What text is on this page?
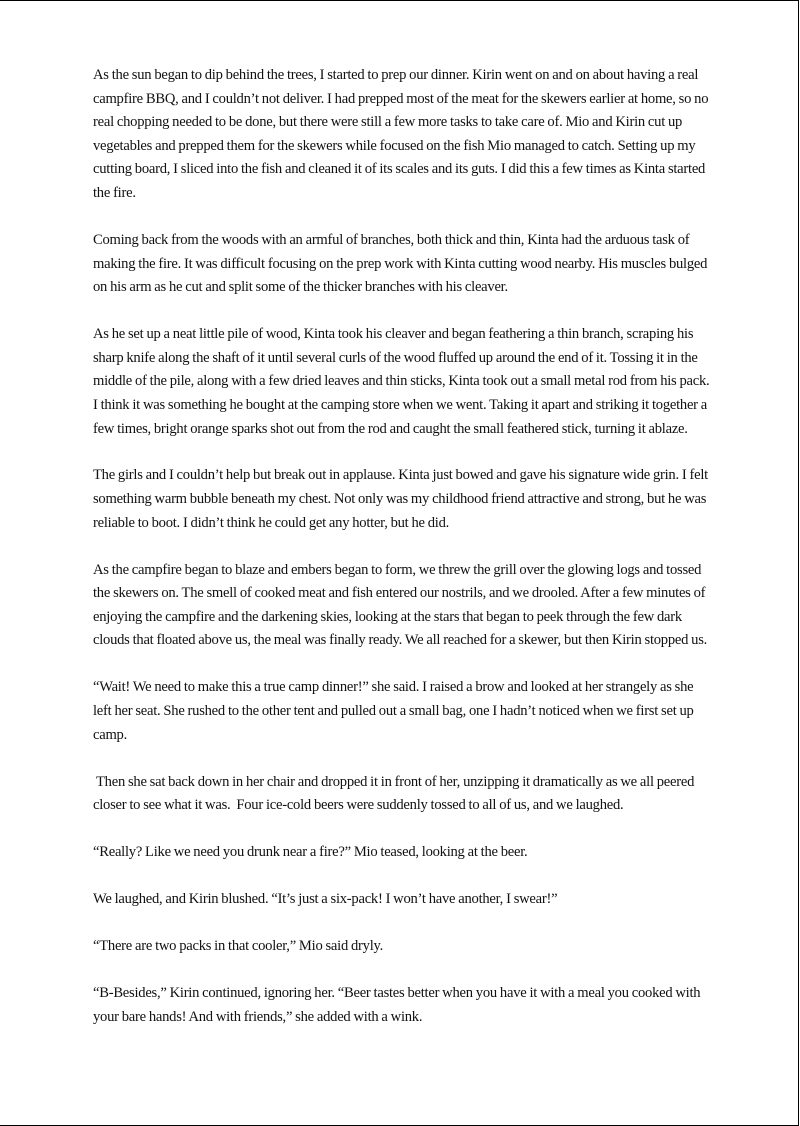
As the sun began to dip behind the trees, I started to prep our dinner. Kirin went on and on about having a real campfire BBQ, and I couldn’t not deliver. I had prepped most of the meat for the skewers earlier at home, so no real chopping needed to be done, but there were still a few more tasks to take care of. Mio and Kirin cut up vegetables and prepped them for the skewers while focused on the fish Mio managed to catch. Setting up my cutting board, I sliced into the fish and cleaned it of its scales and its guts. I did this a few times as Kinta started the fire.

Coming back from the woods with an armful of branches, both thick and thin, Kinta had the arduous task of making the fire. It was difficult focusing on the prep work with Kinta cutting wood nearby. His muscles bulged on his arm as he cut and split some of the thicker branches with his cleaver.

As he set up a neat little pile of wood, Kinta took his cleaver and began feathering a thin branch, scraping his sharp knife along the shaft of it until several curls of the wood fluffed up around the end of it. Tossing it in the middle of the pile, along with a few dried leaves and thin sticks, Kinta took out a small metal rod from his pack. I think it was something he bought at the camping store when we went. Taking it apart and striking it together a few times, bright orange sparks shot out from the rod and caught the small feathered stick, turning it ablaze.

The girls and I couldn’t help but break out in applause. Kinta just bowed and gave his signature wide grin. I felt something warm bubble beneath my chest. Not only was my childhood friend attractive and strong, but he was reliable to boot. I didn’t think he could get any hotter, but he did.

As the campfire began to blaze and embers began to form, we threw the grill over the glowing logs and tossed the skewers on. The smell of cooked meat and fish entered our nostrils, and we drooled. After a few minutes of enjoying the campfire and the darkening skies, looking at the stars that began to peek through the few dark clouds that floated above us, the meal was finally ready. We all reached for a skewer, but then Kirin stopped us.

“Wait! We need to make this a true camp dinner!” she said. I raised a brow and looked at her strangely as she left her seat. She rushed to the other tent and pulled out a small bag, one I hadn’t noticed when we first set up camp.

Then she sat back down in her chair and dropped it in front of her, unzipping it dramatically as we all peered closer to see what it was.  Four ice-cold beers were suddenly tossed to all of us, and we laughed.

“Really? Like we need you drunk near a fire?” Mio teased, looking at the beer.

We laughed, and Kirin blushed. “It’s just a six-pack! I won’t have another, I swear!”

“There are two packs in that cooler,” Mio said dryly.

“B-Besides,” Kirin continued, ignoring her. “Beer tastes better when you have it with a meal you cooked with your bare hands! And with friends,” she added with a wink.
